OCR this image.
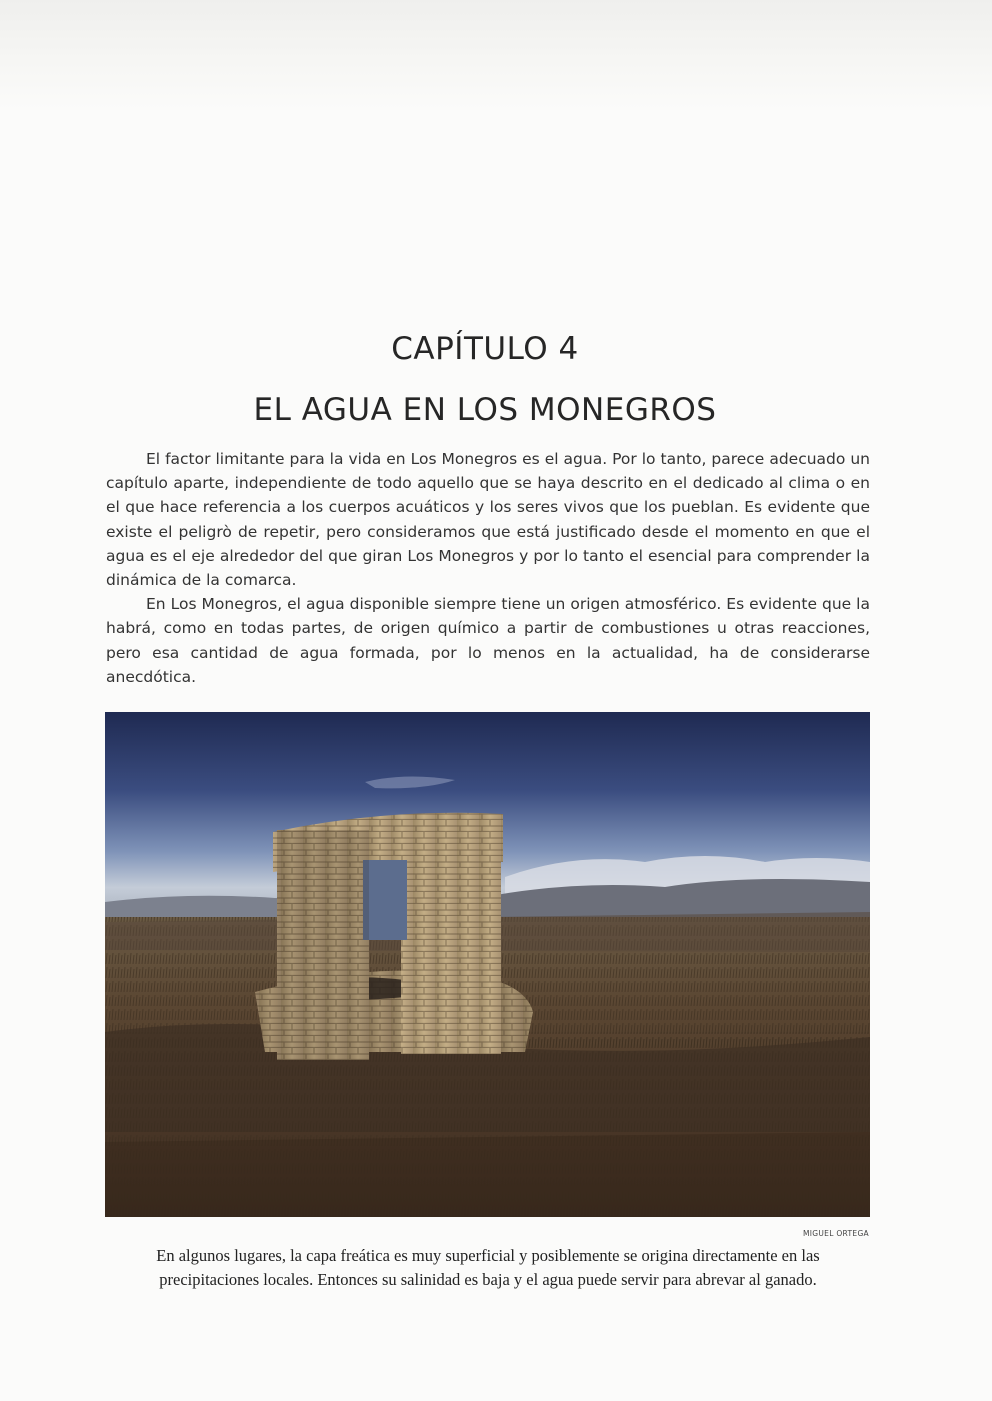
CAPÍTULO 4
EL AGUA EN LOS MONEGROS

El factor limitante para la vida en Los Monegros es el agua. Por lo tanto, parece adecuado un capítulo aparte, independiente de todo aquello que se haya descrito en el dedicado al clima o en el que hace referencia a los cuerpos acuáticos y los seres vivos que los pueblan. Es evidente que existe el peligrò de repetir, pero consideramos que está justificado desde el momento en que el agua es el eje alrededor del que giran Los Monegros y por lo tanto el esencial para comprender la dinámica de la comarca.

En Los Monegros, el agua disponible siempre tiene un origen atmosférico. Es evidente que la habrá, como en todas partes, de origen químico a partir de combustiones u otras reacciones, pero esa cantidad de agua formada, por lo menos en la actualidad, ha de considerarse anecdótica.

MIGUEL ORTEGA
En algunos lugares, la capa freática es muy superficial y posiblemente se origina directamente en las precipitaciones locales. Entonces su salinidad es baja y el agua puede servir para abrevar al ganado.
